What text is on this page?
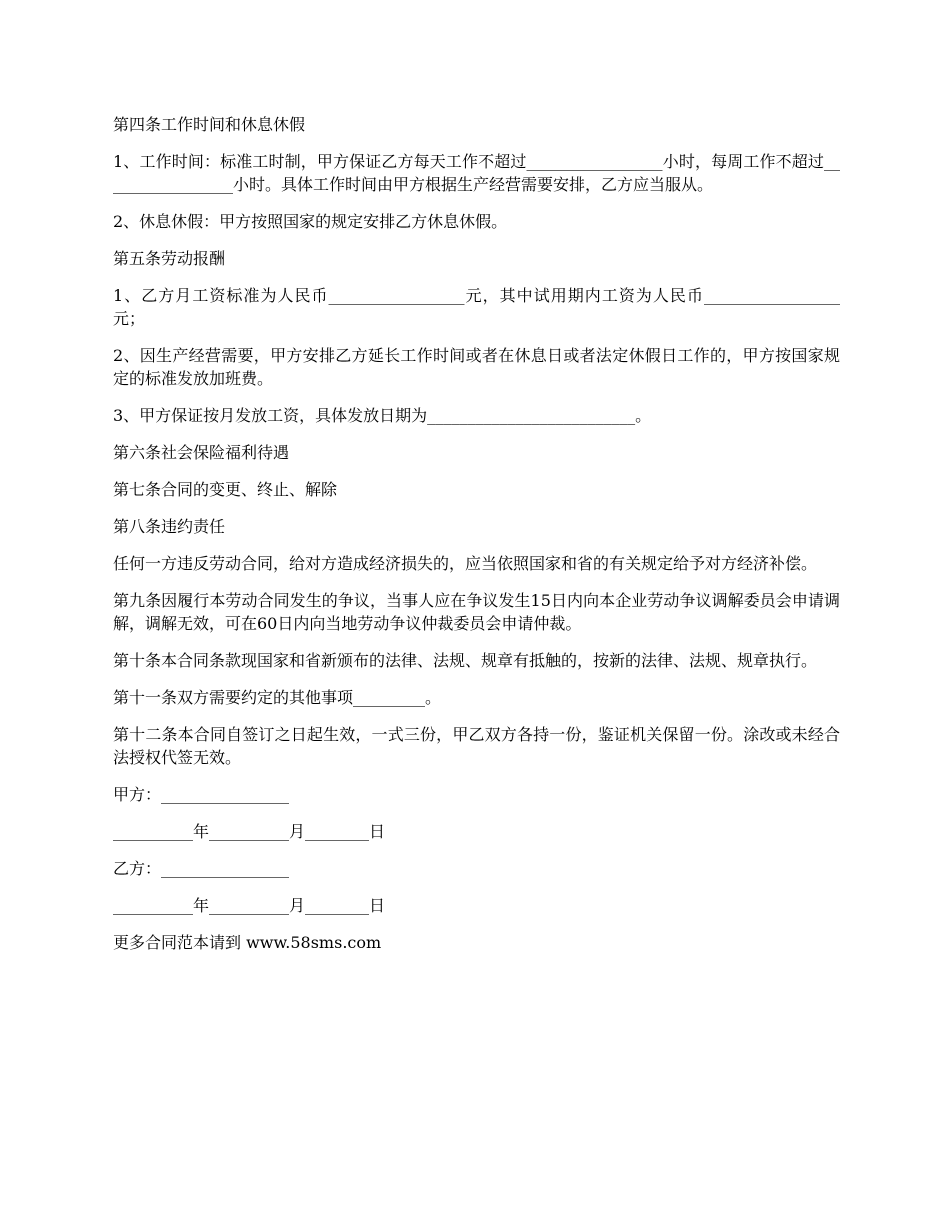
第四条工作时间和休息休假

1、工作时间：标准工时制，甲方保证乙方每天工作不超过_________________小时，每周工作不超过_________________小时。具体工作时间由甲方根据生产经营需要安排，乙方应当服从。

2、休息休假：甲方按照国家的规定安排乙方休息休假。

第五条劳动报酬

1、乙方月工资标准为人民币_________________元，其中试用期内工资为人民币_________________元；

2、因生产经营需要，甲方安排乙方延长工作时间或者在休息日或者法定休假日工作的，甲方按国家规定的标准发放加班费。

3、甲方保证按月发放工资，具体发放日期为__________________________。

第六条社会保险福利待遇

第七条合同的变更、终止、解除

第八条违约责任

任何一方违反劳动合同，给对方造成经济损失的，应当依照国家和省的有关规定给予对方经济补偿。

第九条因履行本劳动合同发生的争议，当事人应在争议发生15日内向本企业劳动争议调解委员会申请调解，调解无效，可在60日内向当地劳动争议仲裁委员会申请仲裁。

第十条本合同条款现国家和省新颁布的法律、法规、规章有抵触的，按新的法律、法规、规章执行。

第十一条双方需要约定的其他事项_________。

第十二条本合同自签订之日起生效，一式三份，甲乙双方各持一份，鉴证机关保留一份。涂改或未经合法授权代签无效。

甲方：________________

__________年__________月________日

乙方：________________

__________年__________月________日

更多合同范本请到 www.58sms.com
